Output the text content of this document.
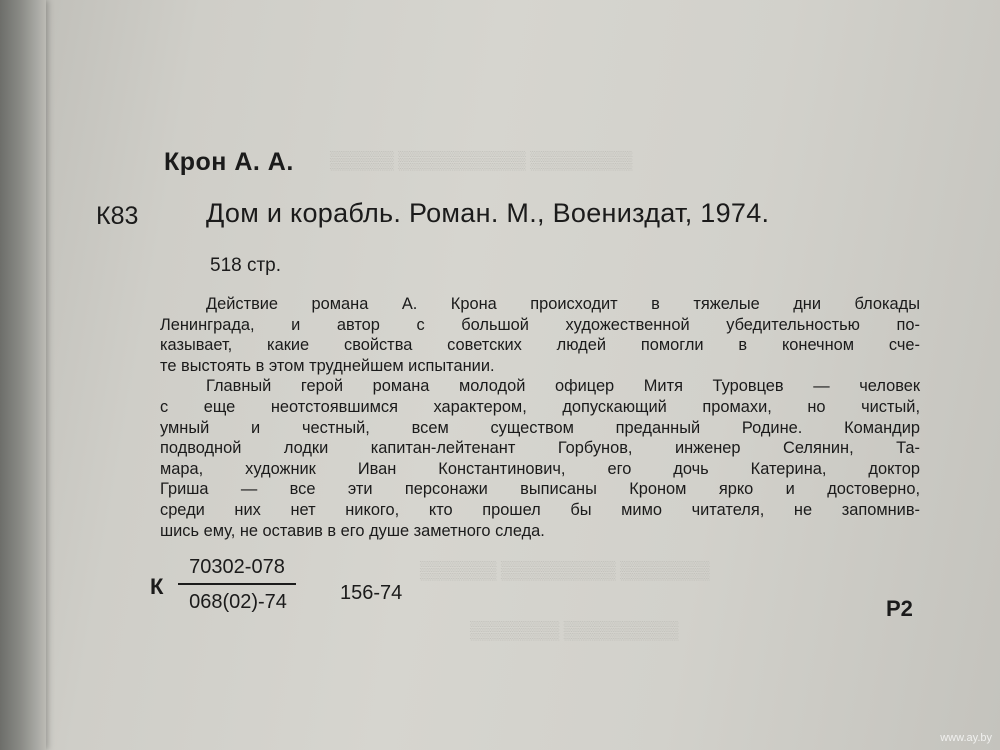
▒▒▒▒▒▒▒▒ ▒▒▒▒▒▒▒▒▒▒ ▒▒▒▒▒
▒▒▒▒▒▒▒ ▒▒▒▒▒▒▒▒▒ ▒▒▒▒▒▒
▒▒▒▒▒▒▒▒▒ ▒▒▒▒▒▒▒
Крон А. А.
К83	Дом и корабль. Роман. М., Воениздат, 1974.
518 стр.
Действие романа А. Крона происходит в тяжелые дни блокады
Ленинграда, и автор с большой художественной убедительностью по-
казывает, какие свойства советских людей помогли в конечном сче-
те выстоять в этом труднейшем испытании.
Главный герой романа молодой офицер Митя Туровцев — человек
с еще неотстоявшимся характером, допускающий промахи, но чистый,
умный и честный, всем существом преданный Родине. Командир
подводной лодки капитан-лейтенант Горбунов, инженер Селянин, Та-
мара, художник Иван Константинович, его дочь Катерина, доктор
Гриша — все эти персонажи выписаны Кроном ярко и достоверно,
среди них нет никого, кто прошел бы мимо читателя, не запомнив-
шись ему, не оставив в его душе заметного следа.
К $\frac{70302-078}{068(02)-74} 156-74$
Р2
www.ay.by
